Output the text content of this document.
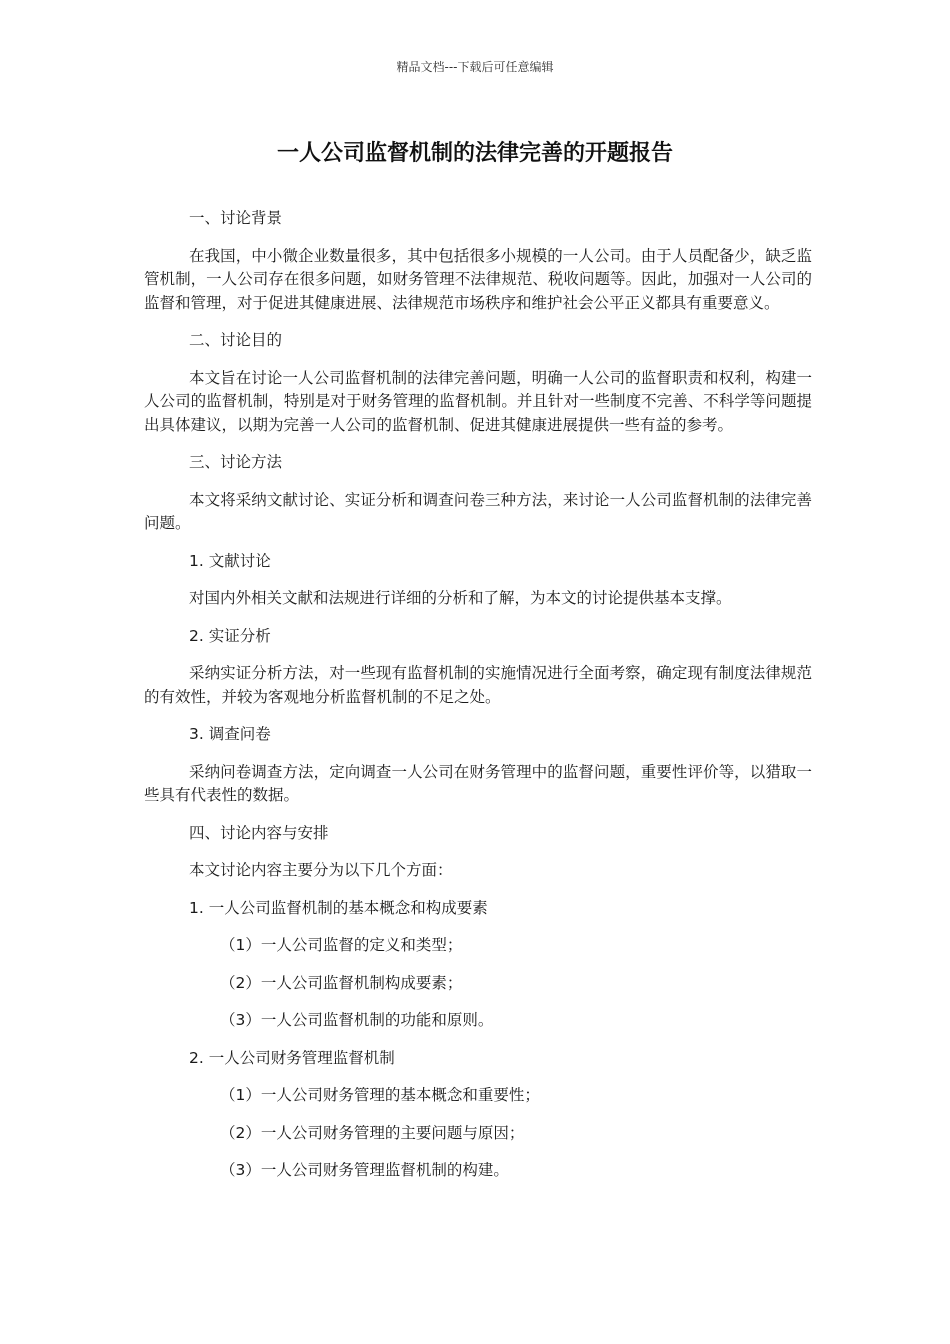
精品文档---下载后可任意编辑
一人公司监督机制的法律完善的开题报告
一、讨论背景
在我国，中小微企业数量很多，其中包括很多小规模的一人公司。由于人员配备少，缺乏监管机制，一人公司存在很多问题，如财务管理不法律规范、税收问题等。因此，加强对一人公司的监督和管理，对于促进其健康进展、法律规范市场秩序和维护社会公平正义都具有重要意义。
二、讨论目的
本文旨在讨论一人公司监督机制的法律完善问题，明确一人公司的监督职责和权利，构建一人公司的监督机制，特别是对于财务管理的监督机制。并且针对一些制度不完善、不科学等问题提出具体建议，以期为完善一人公司的监督机制、促进其健康进展提供一些有益的参考。
三、讨论方法
本文将采纳文献讨论、实证分析和调查问卷三种方法，来讨论一人公司监督机制的法律完善问题。
1. 文献讨论
对国内外相关文献和法规进行详细的分析和了解，为本文的讨论提供基本支撑。
2. 实证分析
采纳实证分析方法，对一些现有监督机制的实施情况进行全面考察，确定现有制度法律规范的有效性，并较为客观地分析监督机制的不足之处。
3. 调查问卷
采纳问卷调查方法，定向调查一人公司在财务管理中的监督问题，重要性评价等，以猎取一些具有代表性的数据。
四、讨论内容与安排
本文讨论内容主要分为以下几个方面：
1. 一人公司监督机制的基本概念和构成要素
（1）一人公司监督的定义和类型；
（2）一人公司监督机制构成要素；
（3）一人公司监督机制的功能和原则。
2. 一人公司财务管理监督机制
（1）一人公司财务管理的基本概念和重要性；
（2）一人公司财务管理的主要问题与原因；
（3）一人公司财务管理监督机制的构建。
